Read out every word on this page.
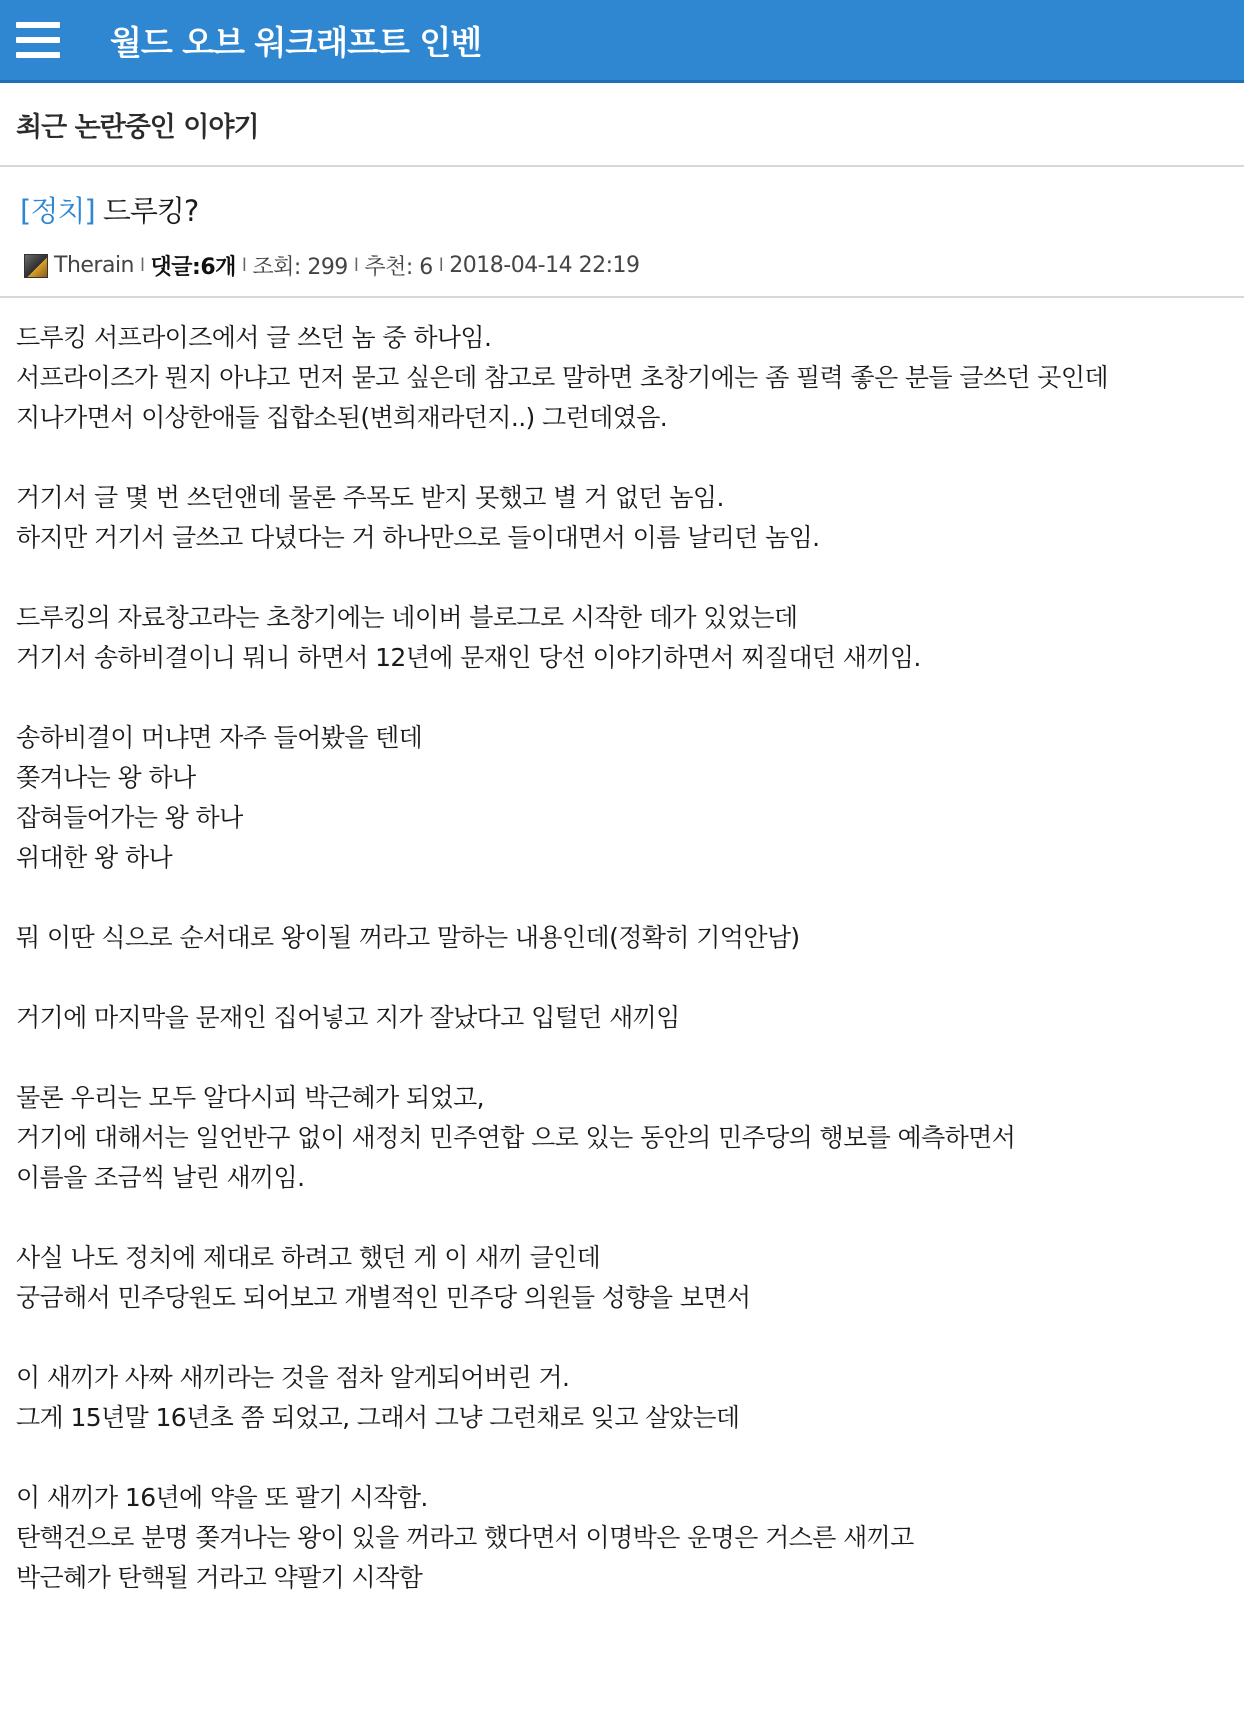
월드 오브 워크래프트 인벤
최근 논란중인 이야기
[정치] 드루킹?
Therain l 댓글:6개 l 조회: 299 l 추천: 6 l 2018-04-14 22:19

드루킹 서프라이즈에서 글 쓰던 놈 중 하나임.
서프라이즈가 뭔지 아냐고 먼저 묻고 싶은데 참고로 말하면 초창기에는 좀 필력 좋은 분들 글쓰던 곳인데
지나가면서 이상한애들 집합소된(변희재라던지..) 그런데였음.

거기서 글 몇 번 쓰던앤데 물론 주목도 받지 못했고 별 거 없던 놈임.
하지만 거기서 글쓰고 다녔다는 거 하나만으로 들이대면서 이름 날리던 놈임.

드루킹의 자료창고라는 초창기에는 네이버 블로그로 시작한 데가 있었는데
거기서 송하비결이니 뭐니 하면서 12년에 문재인 당선 이야기하면서 찌질대던 새끼임.

송하비결이 머냐면 자주 들어봤을 텐데
쫒겨나는 왕 하나
잡혀들어가는 왕 하나
위대한 왕 하나

뭐 이딴 식으로 순서대로 왕이될 꺼라고 말하는 내용인데(정확히 기억안남)

거기에 마지막을 문재인 집어넣고 지가 잘났다고 입털던 새끼임

물론 우리는 모두 알다시피 박근혜가 되었고,
거기에 대해서는 일언반구 없이 새정치 민주연합 으로 있는 동안의 민주당의 행보를 예측하면서
이름을 조금씩 날린 새끼임.

사실 나도 정치에 제대로 하려고 했던 게 이 새끼 글인데
궁금해서 민주당원도 되어보고 개별적인 민주당 의원들 성향을 보면서

이 새끼가 사짜 새끼라는 것을 점차 알게되어버린 거.
그게 15년말 16년초 쯤 되었고, 그래서 그냥 그런채로 잊고 살았는데

이 새끼가 16년에 약을 또 팔기 시작함.
탄핵건으로 분명 쫒겨나는 왕이 있을 꺼라고 했다면서 이명박은 운명은 거스른 새끼고
박근혜가 탄핵될 거라고 약팔기 시작함
